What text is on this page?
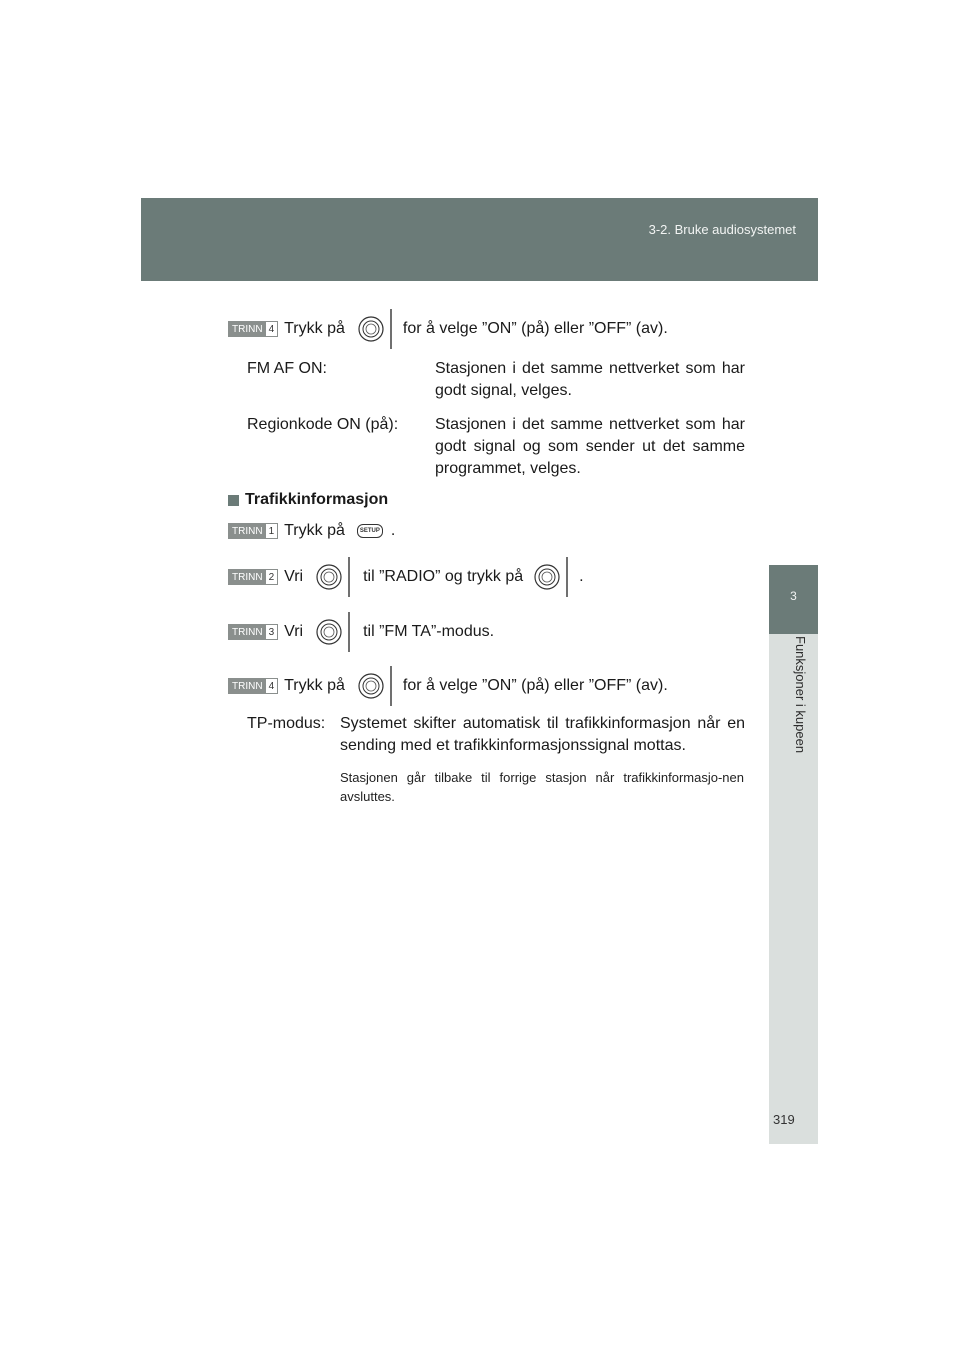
3-2. Bruke audiosystemet
3
Funksjoner i kupeen
TRINN 4 Trykk på	for å velge ”ON” (på) eller ”OFF” (av).
FM AF ON:	Stasjonen i det samme nettverket som har godt signal, velges.
Regionkode ON (på): Stasjonen i det samme nettverket som har godt signal og som sender ut det samme programmet, velges.
Trafikkinformasjon
TRINN 1 Trykk på	SETUP .
TRINN 2 Vri	til ”RADIO” og trykk på	.
TRINN 3 Vri	til ”FM TA”-modus.
TRINN 4 Trykk på	for å velge ”ON” (på) eller ”OFF” (av).
TP-modus: Systemet skifter automatisk til trafikkinformasjon når en sending med et trafikkinformasjonssignal mottas.
Stasjonen går tilbake til forrige stasjon når trafikkinformasjo-nen avsluttes.
319
